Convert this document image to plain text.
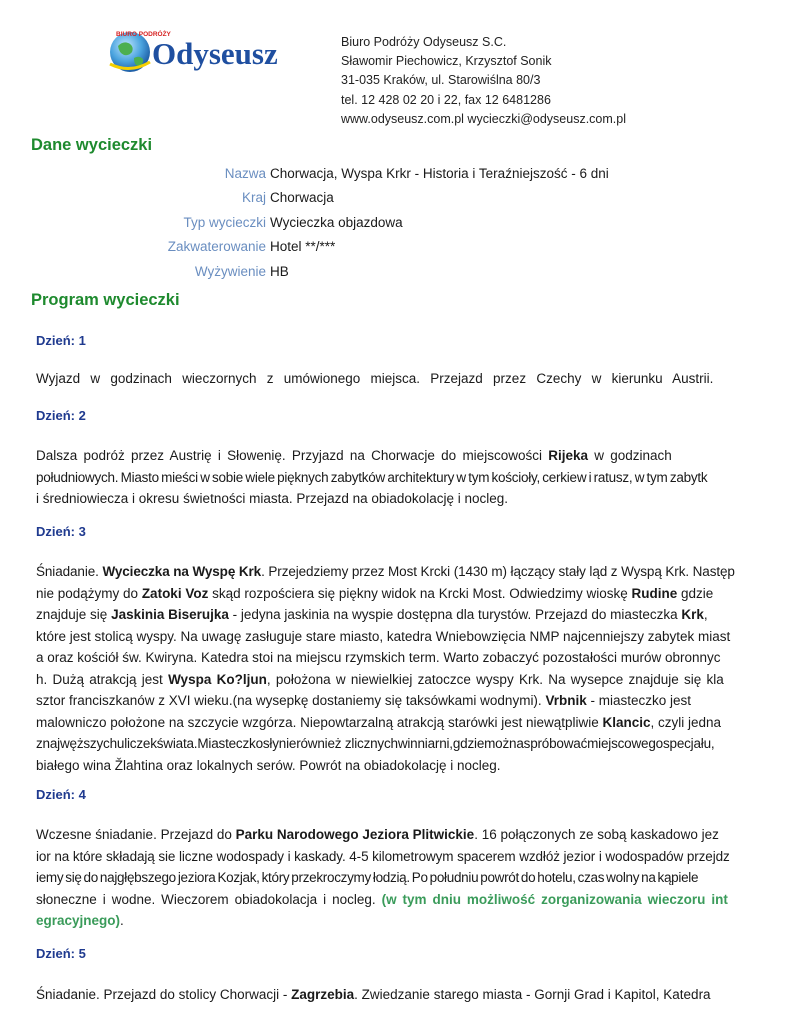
BIURO PODRÓŻY
Odyseusz	Biuro Podróży Odyseusz S.C.
Sławomir Piechowicz, Krzysztof Sonik
31-035 Kraków, ul. Starowiślna 80/3
tel. 12 428 02 20 i 22, fax 12 6481286
www.odyseusz.com.pl wycieczki@odyseusz.com.pl
Dane wycieczki
Nazwa Chorwacja, Wyspa Krkr - Historia i Teraźniejszość - 6 dni
Kraj Chorwacja
Typ wycieczki Wycieczka objazdowa
Zakwaterowanie Hotel **/***
Wyżywienie HB
Program wycieczki
Dzień: 1
Wyjazd w godzinach wieczornych z umówionego miejsca. Przejazd przez Czechy w kierunku Austrii.
Dzień: 2
Dalsza podróż przez Austrię i Słowenię. Przyjazd na Chorwacje do miejscowości Rijeka w godzinach
południowych. Miasto mieści w sobie wiele pięknych zabytków architektury w tym kościoły, cerkiew i ratusz, w tym zabytk
i średniowiecza i okresu świetności miasta. Przejazd na obiadokolację i nocleg.
Dzień: 3
Śniadanie. Wycieczka na Wyspę Krk. Przejedziemy przez Most Krcki (1430 m) łączący stały ląd z Wyspą Krk. Następ
nie podążymy do Zatoki Voz skąd rozpościera się piękny widok na Krcki Most. Odwiedzimy wioskę Rudine gdzie
znajduje się Jaskinia Biserujka - jedyna jaskinia na wyspie dostępna dla turystów. Przejazd do miasteczka Krk,
które jest stolicą wyspy. Na uwagę zasługuje stare miasto, katedra Wniebowzięcia NMP najcenniejszy zabytek miast
a oraz kościół św. Kwiryna. Katedra stoi na miejscu rzymskich term. Warto zobaczyć pozostałości murów obronnyc
h. Dużą atrakcją jest Wyspa Ko?ljun, położona w niewielkiej zatoczce wyspy Krk. Na wysepce znajduje się kla
sztor franciszkanów z XVI wieku.(na wysepkę dostaniemy się taksówkami wodnymi). Vrbnik - miasteczko jest
malowniczo położone na szczycie wzgórza. Niepowtarzalną atrakcją starówki jest niewątpliwie Klancic, czyli jedna
znajwęższychuliczekświata.Miasteczkosłynierównież zlicznychwinniarni,gdziemożnaspróbowaćmiejscowegospecjału,
białego wina Žlahtina oraz lokalnych serów. Powrót na obiadokolację i nocleg.
Dzień: 4
Wczesne śniadanie. Przejazd do Parku Narodowego Jeziora Plitwickie. 16 połączonych ze sobą kaskadowo jez
ior na które składają sie liczne wodospady i kaskady. 4-5 kilometrowym spacerem wzdłóż jezior i wodospadów przejdz
iemy się do najgłębszego jeziora Kozjak, który przekroczymy łodzią. Po południu powrót do hotelu, czas wolny na kąpiele
słoneczne i wodne. Wieczorem obiadokolacja i nocleg. (w tym dniu możliwość zorganizowania wieczoru int
egracyjnego).
Dzień: 5
Śniadanie. Przejazd do stolicy Chorwacji - Zagrzebia. Zwiedzanie starego miasta - Gornji Grad i Kapitol, Katedra
